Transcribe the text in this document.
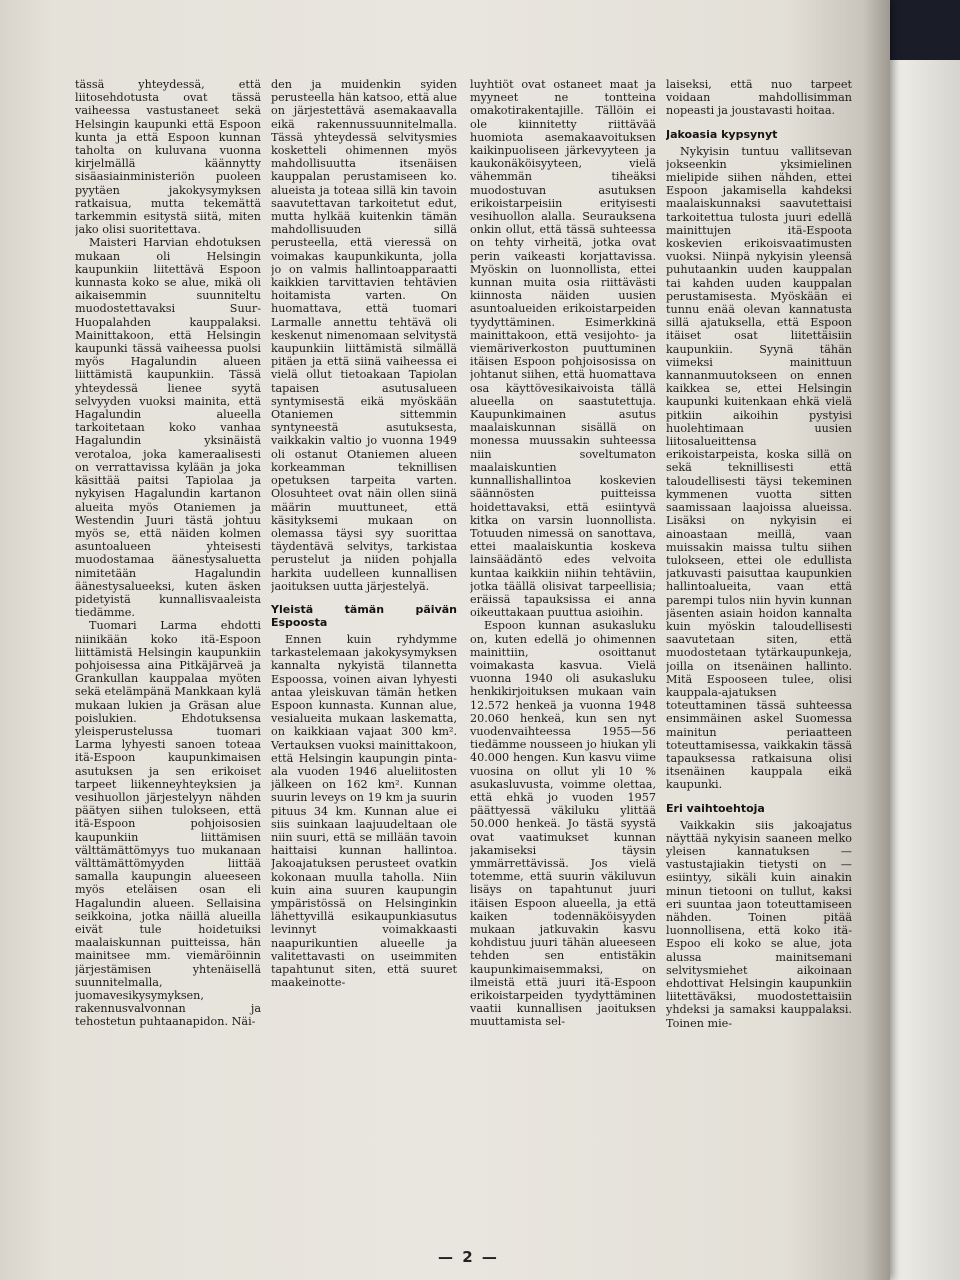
tässä yhteydessä, että liitosehdotusta ovat tässä vaiheessa vastustaneet sekä Helsingin kaupunki että Espoon kunta ja että Espoon kunnan taholta on kuluvana vuonna kirjelmällä käännytty sisäasiainministeriön puoleen pyytäen jakokysymyksen ratkaisua, mutta tekemättä tarkemmin esitystä siitä, miten jako olisi suoritettava.

Maisteri Harvian ehdotuksen mukaan oli Helsingin kaupunkiin liitettävä Espoon kunnasta koko se alue, mikä oli aikaisemmin suunniteltu muodostettavaksi Suur-Huopalahden kauppalaksi. Mainittakoon, että Helsingin kaupunki tässä vaiheessa puolsi myös Hagalundin alueen liittämistä kaupunkiin. Tässä yhteydessä lienee syytä selvyyden vuoksi mainita, että Hagalundin alueella tarkoitetaan koko vanhaa Hagalundin yksinäistä verotaloa, joka kameraalisesti on verrattavissa kylään ja joka käsittää paitsi Tapiolaa ja nykyisen Hagalundin kartanon alueita myös Otaniemen ja Westendin Juuri tästä johtuu myös se, että näiden kolmen asuntoalueen yhteisesti muodostamaa äänestysaluetta nimitetään Hagalundin äänestysalueeksi, kuten äsken pidetyistä kunnallisvaaleista tiedämme.

Tuomari Larma ehdotti niinikään koko itä-Espoon liittämistä Helsingin kaupunkiin pohjoisessa aina Pitkäjärveä ja Grankullan kauppalaa myöten sekä etelämpänä Mankkaan kylä mukaan lukien ja Gräsan alue poislukien. Ehdotuksensa yleisperustelussa tuomari Larma lyhyesti sanoen toteaa itä-Espoon kaupunkimaisen asutuksen ja sen erikoiset tarpeet liikenneyhteyksien ja vesihuollon järjestelyyn nähden päätyen siihen tulokseen, että itä-Espoon pohjoisosien kaupunkiin liittämisen välttämättömyys tuo mukanaan välttämättömyyden liittää samalla kaupungin alueeseen myös eteläisen osan eli Hagalundin alueen. Sellaisina seikkoina, jotka näillä alueilla eivät tule hoidetuiksi maalaiskunnan puitteissa, hän mainitsee mm. viemäröinnin järjestämisen yhtenäisellä suunnitelmalla, juomavesikysymyksen, rakennusvalvonnan ja tehostetun puhtaanapidon. Näi-

den ja muidenkin syiden perusteella hän katsoo, että alue on järjestettävä asemakaavalla eikä rakennussuunnitelmalla. Tässä yhteydessä selvitysmies kosketteli ohimennen myös mahdollisuutta itsenäisen kauppalan perustamiseen ko. alueista ja toteaa sillä kin tavoin saavutettavan tarkoitetut edut, mutta hylkää kuitenkin tämän mahdollisuuden sillä perusteella, että vieressä on voimakas kaupunkikunta, jolla jo on valmis hallintoapparaatti kaikkien tarvittavien tehtävien hoitamista varten. On huomattava, että tuomari Larmalle annettu tehtävä oli keskenut nimenomaan selvitystä kaupunkiin liittämistä silmällä pitäen ja että siinä vaiheessa ei vielä ollut tietoakaan Tapiolan tapaisen asutusalueen syntymisestä eikä myöskään Otaniemen sittemmin syntyneestä asutuksesta, vaikkakin valtio jo vuonna 1949 oli ostanut Otaniemen alueen korkeamman teknillisen opetuksen tarpeita varten. Olosuhteet ovat näin ollen siinä määrin muuttuneet, että käsityksemi mukaan on olemassa täysi syy suorittaa täydentävä selvitys, tarkistaa perustelut ja niiden pohjalla harkita uudelleen kunnallisen jaoituksen uutta järjestelyä.

Yleistä tämän päivän Espoosta

Ennen kuin ryhdymme tarkastelemaan jakokysymyksen kannalta nykyistä tilannetta Espoossa, voinen aivan lyhyesti antaa yleiskuvan tämän hetken Espoon kunnasta. Kunnan alue, vesialueita mukaan laskematta, on kaikkiaan vajaat 300 km². Vertauksen vuoksi mainittakoon, että Helsingin kaupungin pinta-ala vuoden 1946 alueliitosten jälkeen on 162 km². Kunnan suurin leveys on 19 km ja suurin pituus 34 km. Kunnan alue ei siis suinkaan laajuudeltaan ole niin suuri, että se millään tavoin haittaisi kunnan hallintoa. Jakoajatuksen perusteet ovatkin kokonaan muulla taholla. Niin kuin aina suuren kaupungin ympäristössä on Helsinginkin lähettyvillä esikaupunkiasutus levinnyt voimakkaasti naapurikuntien alueelle ja valitettavasti on useimmiten tapahtunut siten, että suuret maakeinotte-

luyhtiöt ovat ostaneet maat ja myyneet ne tontteina omakotirakentajille. Tällöin ei ole kiinnitetty riittävää huomiota asemakaavoituksen kaikinpuoliseen järkevyyteen ja kaukonäköisyyteen, vielä vähemmän tiheäksi muodostuvan asutuksen erikoistarpeisiin erityisesti vesihuollon alalla. Seurauksena onkin ollut, että tässä suhteessa on tehty virheitä, jotka ovat perin vaikeasti korjattavissa. Myöskin on luonnollista, ettei kunnan muita osia riittävästi kiinnosta näiden uusien asuntoalueiden erikoistarpeiden tyydyttäminen. Esimerkkinä mainittakoon, että vesijohto- ja viemäriverkoston puuttuminen itäisen Espoon pohjoisosissa on johtanut siihen, että huomattava osa käyttövesikaivoista tällä alueella on saastutettuja. Kaupunkimainen asutus maalaiskunnan sisällä on monessa muussakin suhteessa niin soveltumaton maalaiskuntien kunnallishallintoa koskevien säännösten puitteissa hoidettavaksi, että esiintyvä kitka on varsin luonnollista. Totuuden nimessä on sanottava, ettei maalaiskuntia koskeva lainsäädäntö edes velvoita kuntaa kaikkiin niihin tehtäviin, jotka täällä olisivat tarpeellisia; eräissä tapauksissa ei anna oikeuttakaan puuttua asioihin.

Espoon kunnan asukasluku on, kuten edellä jo ohimennen mainittiin, osoittanut voimakasta kasvua. Vielä vuonna 1940 oli asukasluku henkikirjoituksen mukaan vain 12.572 henkeä ja vuonna 1948 20.060 henkeä, kun sen nyt vuodenvaihteessa 1955—56 tiedämme nousseen jo hiukan yli 40.000 hengen. Kun kasvu viime vuosina on ollut yli 10 % asukasluvusta, voimme olettaa, että ehkä jo vuoden 1957 päättyessä väkiluku ylittää 50.000 henkeä. Jo tästä syystä ovat vaatimukset kunnan jakamiseksi täysin ymmärrettävissä. Jos vielä totemme, että suurin väkiluvun lisäys on tapahtunut juuri itäisen Espoon alueella, ja että kaiken todennäköisyyden mukaan jatkuvakin kasvu kohdistuu juuri tähän alueeseen tehden sen entistäkin kaupunkimaisemmaksi, on ilmeistä että juuri itä-Espoon erikoistarpeiden tyydyttäminen vaatii kunnallisen jaoituksen muuttamista sel-

laiseksi, että nuo tarpeet voidaan mahdollisimman nopeasti ja joustavasti hoitaa.

Jakoasia kypsynyt

Nykyisin tuntuu vallitsevan jokseenkin yksimielinen mielipide siihen nähden, ettei Espoon jakamisella kahdeksi maalaiskunnaksi saavutettaisi tarkoitettua tulosta juuri edellä mainittujen itä-Espoota koskevien erikoisvaatimusten vuoksi. Niinpä nykyisin yleensä puhutaankin uuden kauppalan tai kahden uuden kauppalan perustamisesta. Myöskään ei tunnu enää olevan kannatusta sillä ajatuksella, että Espoon itäiset osat liitettäisiin kaupunkiin. Syynä tähän viimeksi mainittuun kannanmuutokseen on ennen kaikkea se, ettei Helsingin kaupunki kuitenkaan ehkä vielä pitkiin aikoihin pystyisi huolehtimaan uusien liitosalueittensa erikoistarpeista, koska sillä on sekä teknillisesti että taloudellisesti täysi tekeminen kymmenen vuotta sitten saamissaan laajoissa alueissa. Lisäksi on nykyisin ei ainoastaan meillä, vaan muissakin maissa tultu siihen tulokseen, ettei ole edullista jatkuvasti paisuttaa kaupunkien hallintoalueita, vaan että parempi tulos niin hyvin kunnan jäsenten asiain hoidon kannalta kuin myöskin taloudellisesti saavutetaan siten, että muodostetaan tytärkaupunkeja, joilla on itsenäinen hallinto. Mitä Espooseen tulee, olisi kauppala-ajatuksen toteuttaminen tässä suhteessa ensimmäinen askel Suomessa mainitun periaatteen toteuttamisessa, vaikkakin tässä tapauksessa ratkaisuna olisi itsenäinen kauppala eikä kaupunki.

Eri vaihtoehtoja

Vaikkakin siis jakoajatus näyttää nykyisin saaneen melko yleisen kannatuksen — vastustajiakin tietysti on — esiintyy, sikäli kuin ainakin minun tietooni on tullut, kaksi eri suuntaa jaon toteuttamiseen nähden. Toinen pitää luonnollisena, että koko itä-Espoo eli koko se alue, jota alussa mainitsemani selvitysmiehet aikoinaan ehdottivat Helsingin kaupunkiin liitettäväksi, muodostettaisiin yhdeksi ja samaksi kauppalaksi. Toinen mie-

— 2 —
